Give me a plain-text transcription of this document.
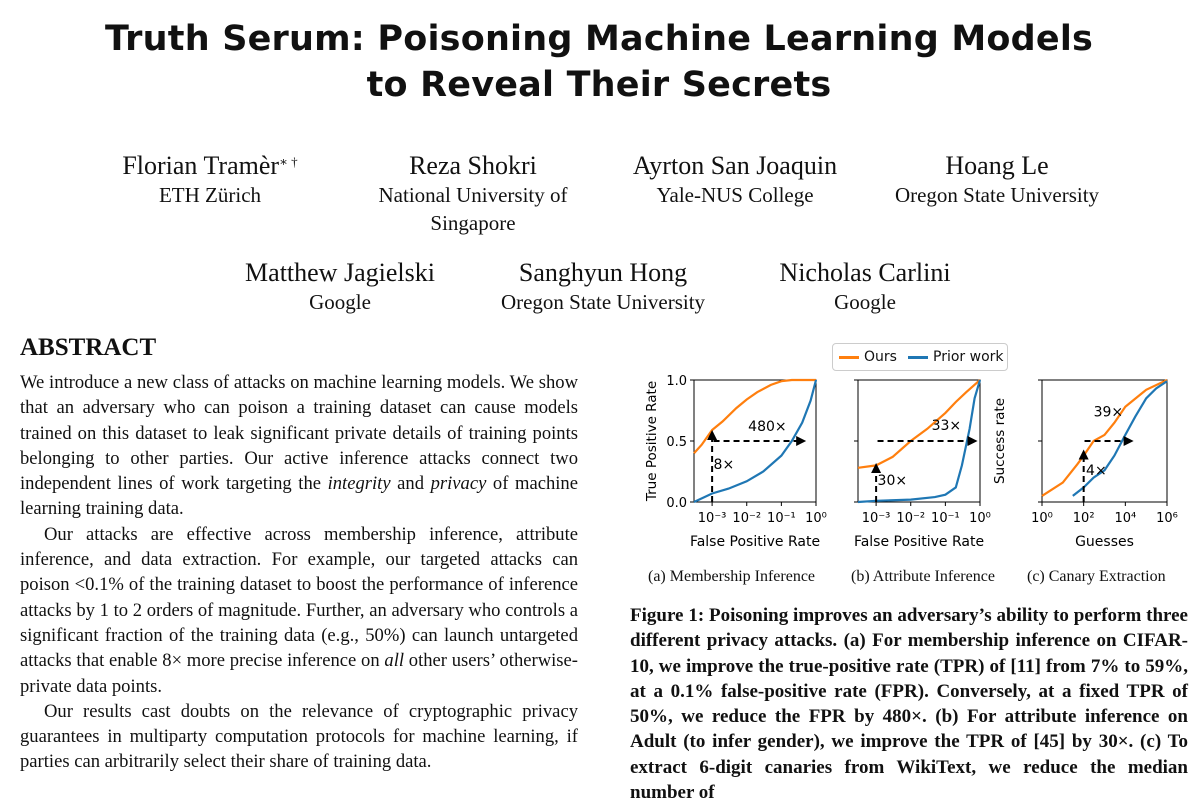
Truth Serum: Poisoning Machine Learning Models
to Reveal Their Secrets
Florian Tramèr∗ †
ETH Zürich
Reza Shokri
National University of Singapore
Ayrton San Joaquin
Yale-NUS College
Hoang Le
Oregon State University
Matthew Jagielski
Google
Sanghyun Hong
Oregon State University
Nicholas Carlini
Google
ABSTRACT

We introduce a new class of attacks on machine learning models. We show that an adversary who can poison a training dataset can cause models trained on this dataset to leak significant private details of training points belonging to other parties. Our active inference attacks connect two independent lines of work targeting the integrity and privacy of machine learning training data.

Our attacks are effective across membership inference, attribute inference, and data extraction. For example, our targeted attacks can poison <0.1% of the training dataset to boost the performance of inference attacks by 1 to 2 orders of magnitude. Further, an adversary who controls a significant fraction of the training data (e.g., 50%) can launch untargeted attacks that enable 8× more precise inference on all other users’ otherwise-private data points.

Our results cast doubts on the relevance of cryptographic privacy guarantees in multiparty computation protocols for machine learning, if parties can arbitrarily select their share of training data.

Ours	Prior work
0.0
0.5
1.0
10⁻³ 10⁻² 10⁻¹ 10⁰
False Positive Rate
True Positive Rate	480×
8×
10⁻³ 10⁻² 10⁻¹ 10⁰
False Positive Rate
33×
30×
10⁰ 10² 10⁴ 10⁶
Guesses
Success rate	39×
4×
(a) Membership Inference (b) Attribute Inference (c) Canary Extraction
Figure 1: Poisoning improves an adversary’s ability to perform three different privacy attacks. (a) For membership inference on CIFAR-10, we improve the true-positive rate (TPR) of [11] from 7% to 59%, at a 0.1% false-positive rate (FPR). Conversely, at a fixed TPR of 50%, we reduce the FPR by 480×. (b) For attribute inference on Adult (to infer gender), we improve the TPR of [45] by 30×. (c) To extract 6-digit canaries from WikiText, we reduce the median number of
